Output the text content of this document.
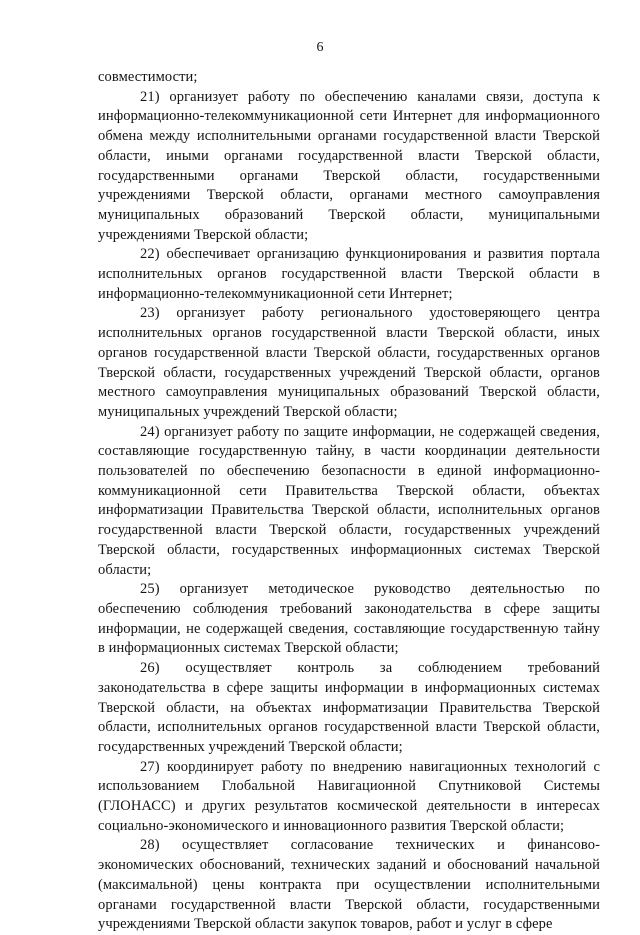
6

совместимости;

21) организует работу по обеспечению каналами связи, доступа к информационно-телекоммуникационной сети Интернет для информационного обмена между исполнительными органами государственной власти Тверской области, иными органами государственной власти Тверской области, государственными органами Тверской области, государственными учреждениями Тверской области, органами местного самоуправления муниципальных образований Тверской области, муниципальными учреждениями Тверской области;

22) обеспечивает организацию функционирования и развития портала исполнительных органов государственной власти Тверской области в информационно-телекоммуникационной сети Интернет;

23) организует работу регионального удостоверяющего центра исполнительных органов государственной власти Тверской области, иных органов государственной власти Тверской области, государственных органов Тверской области, государственных учреждений Тверской области, органов местного самоуправления муниципальных образований Тверской области, муниципальных учреждений Тверской области;

24) организует работу по защите информации, не содержащей сведения, составляющие государственную тайну, в части координации деятельности пользователей по обеспечению безопасности в единой информационно-коммуникационной сети Правительства Тверской области, объектах информатизации Правительства Тверской области, исполнительных органов государственной власти Тверской области, государственных учреждений Тверской области, государственных информационных системах Тверской области;

25) организует методическое руководство деятельностью по обеспечению соблюдения требований законодательства в сфере защиты информации, не содержащей сведения, составляющие государственную тайну в информационных системах Тверской области;

26) осуществляет контроль за соблюдением требований законодательства в сфере защиты информации в информационных системах Тверской области, на объектах информатизации Правительства Тверской области, исполнительных органов государственной власти Тверской области, государственных учреждений Тверской области;

27) координирует работу по внедрению навигационных технологий с использованием Глобальной Навигационной Спутниковой Системы (ГЛОНАСС) и других результатов космической деятельности в интересах социально-экономического и инновационного развития Тверской области;

28) осуществляет согласование технических и финансово-экономических обоснований, технических заданий и обоснований начальной (максимальной) цены контракта при осуществлении исполнительными органами государственной власти Тверской области, государственными учреждениями Тверской области закупок товаров, работ и услуг в сфере
